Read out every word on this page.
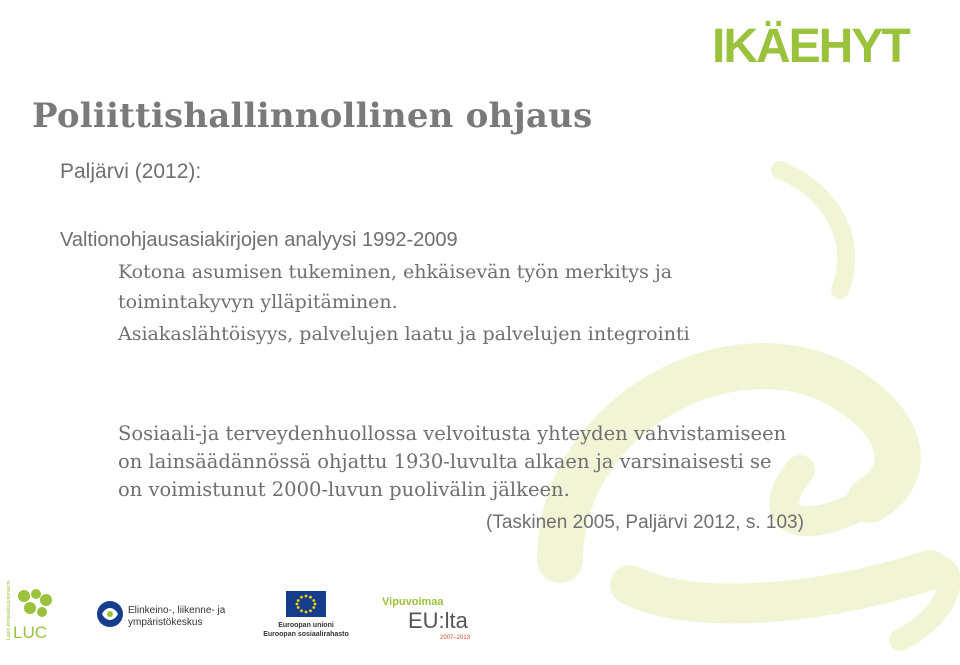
IKÄEHYT
Poliittishallinnollinen ohjaus
Paljärvi (2012):
Valtionohjausasiakirjojen analyysi 1992-2009
Kotona asumisen tukeminen, ehkäisevän työn merkitys ja
toimintakyvyn ylläpitäminen.
Asiakaslähtöisyys, palvelujen laatu ja palvelujen integrointi
Sosiaali-ja terveydenhuollossa velvoitusta yhteyden vahvistamiseen
on lainsäädännössä ohjattu 1930-luvulta alkaen ja varsinaisesti se
on voimistunut 2000-luvun puolivälin jälkeen.
(Taskinen 2005, Paljärvi 2012, s. 103)
Lapin korkeakoulukonserni LUC
Elinkeino-, liikenne- ja
ympäristökeskus	Euroopan unioni
Euroopan sosiaalirahasto
Vipuvoimaa
EU:lta
2007–2013
